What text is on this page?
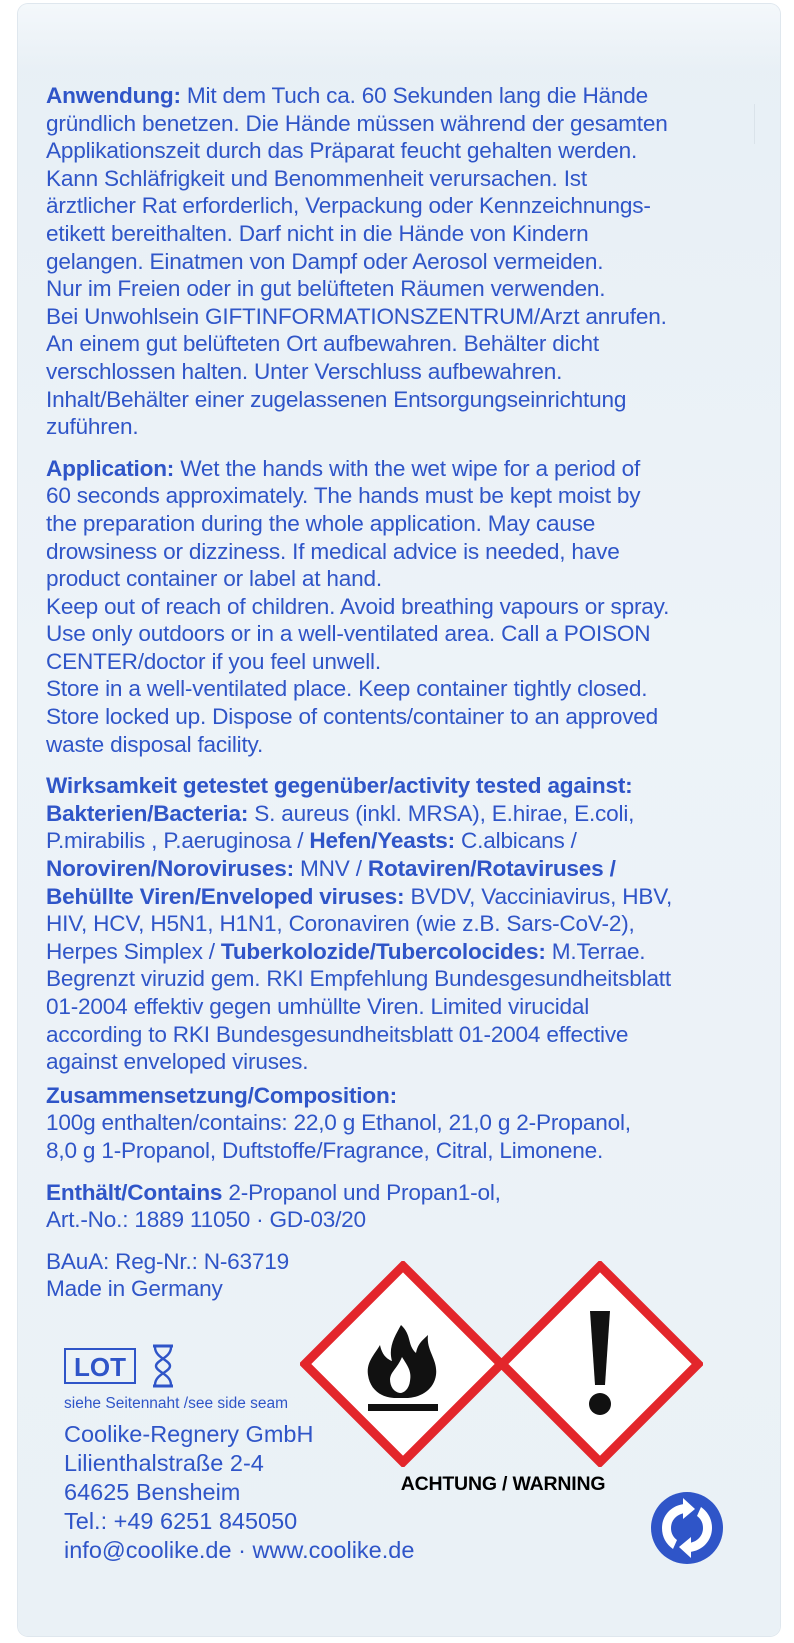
Anwendung: Mit dem Tuch ca. 60 Sekunden lang die Hände
gründlich benetzen. Die Hände müssen während der gesamten
Applikationszeit durch das Präparat feucht gehalten werden.
Kann Schläfrigkeit und Benommenheit verursachen. Ist
ärztlicher Rat erforderlich, Verpackung oder Kennzeichnungs-
etikett bereithalten. Darf nicht in die Hände von Kindern
gelangen. Einatmen von Dampf oder Aerosol vermeiden.
Nur im Freien oder in gut belüfteten Räumen verwenden.
Bei Unwohlsein GIFTINFORMATIONSZENTRUM/Arzt anrufen.
An einem gut belüfteten Ort aufbewahren. Behälter dicht
verschlossen halten. Unter Verschluss aufbewahren.
Inhalt/Behälter einer zugelassenen Entsorgungseinrichtung
zuführen.

Application: Wet the hands with the wet wipe for a period of
60 seconds approximately. The hands must be kept moist by
the preparation during the whole application. May cause
drowsiness or dizziness. If medical advice is needed, have
product container or label at hand.
Keep out of reach of children. Avoid breathing vapours or spray.
Use only outdoors or in a well-ventilated area. Call a POISON
CENTER/doctor if you feel unwell.
Store in a well-ventilated place. Keep container tightly closed.
Store locked up. Dispose of contents/container to an approved
waste disposal facility.

Wirksamkeit getestet gegenüber/activity tested against:
Bakterien/Bacteria: S. aureus (inkl. MRSA), E.hirae, E.coli,
P.mirabilis , P.aeruginosa / Hefen/Yeasts: C.albicans /
Noroviren/Noroviruses: MNV / Rotaviren/Rotaviruses /
Behüllte Viren/Enveloped viruses: BVDV, Vacciniavirus, HBV,
HIV, HCV, H5N1, H1N1, Coronaviren (wie z.B. Sars-CoV-2),
Herpes Simplex / Tuberkolozide/Tubercolocides: M.Terrae.
Begrenzt viruzid gem. RKI Empfehlung Bundesgesundheitsblatt
01-2004 effektiv gegen umhüllte Viren. Limited virucidal
according to RKI Bundesgesundheitsblatt 01-2004 effective
against enveloped viruses.

Zusammensetzung/Composition:
100g enthalten/contains: 22,0 g Ethanol, 21,0 g 2-Propanol,
8,0 g 1-Propanol, Duftstoffe/Fragrance, Citral, Limonene.

Enthält/Contains 2-Propanol und Propan1-ol,
Art.-No.: 1889 11050 · GD-03/20

BAuA: Reg-Nr.: N-63719
Made in Germany

LOT
siehe Seitennaht /see side seam
Coolike-Regnery GmbH
Lilienthalstraße 2-4
64625 Bensheim
Tel.: +49 6251 845050
info@coolike.de · www.coolike.de
ACHTUNG / WARNING
